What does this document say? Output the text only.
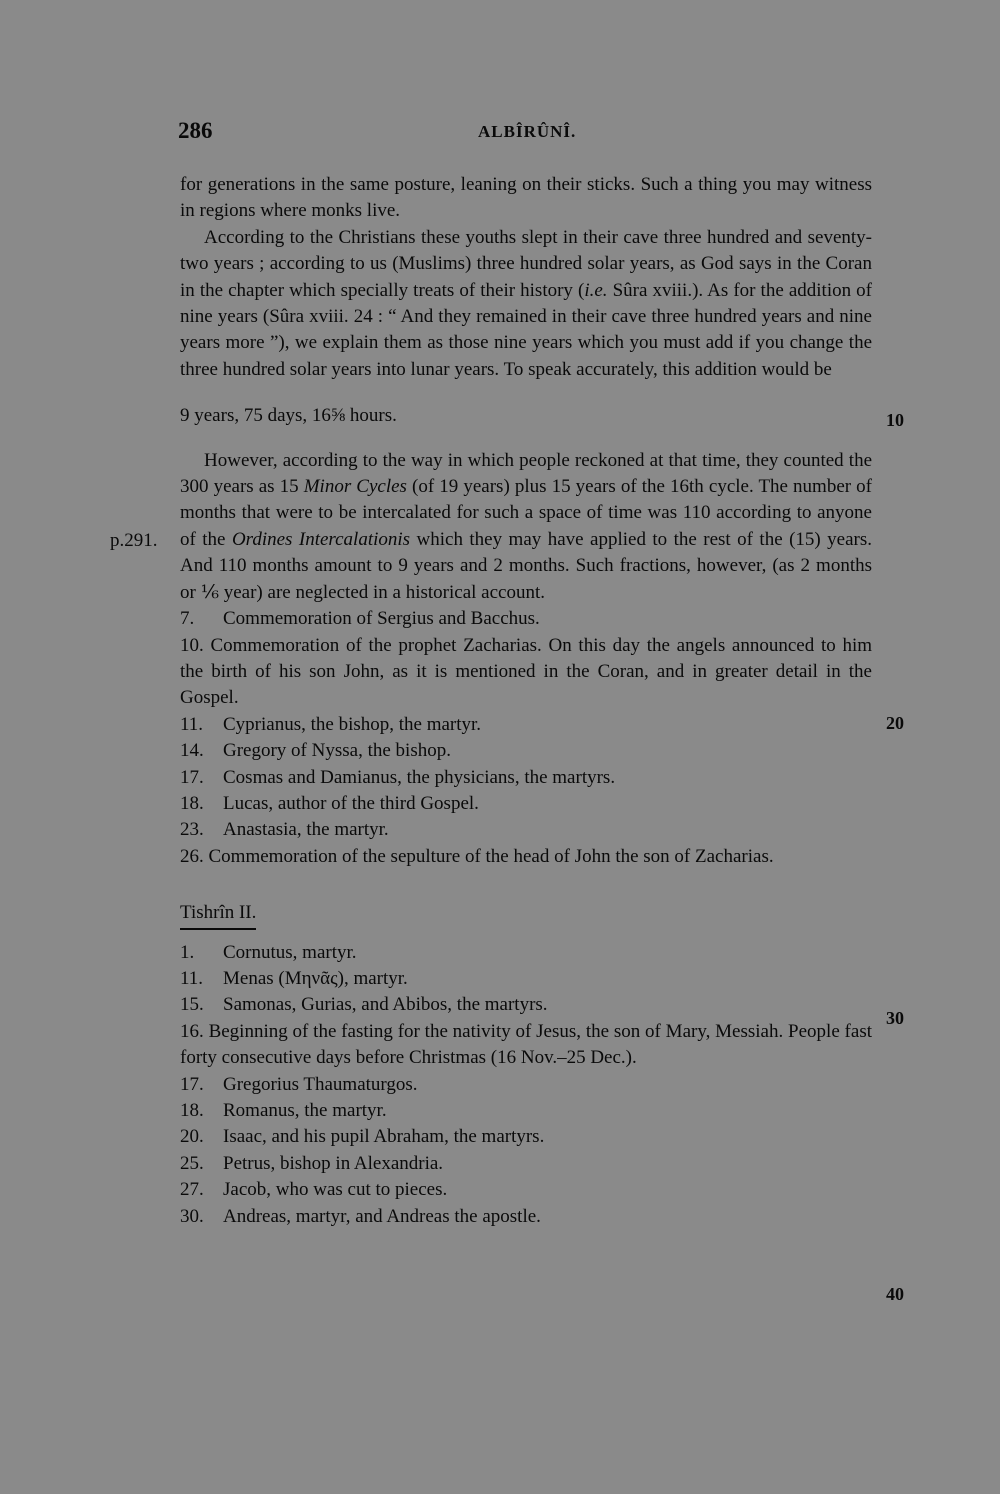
286	ALBÎRÛNÎ.

for generations in the same posture, leaning on their sticks. Such a thing you may witness in regions where monks live.

According to the Christians these youths slept in their cave three hundred and seventy-two years ; according to us (Muslims) three hundred solar years, as God says in the Coran in the chapter which specially treats of their history (i.e. Sûra xviii.). As for the addition of nine years (Sûra xviii. 24 : “ And they remained in their cave three hundred years and nine years more ”), we explain them as those nine years which you must add if you change the three hundred solar years into lunar years. To speak accurately, this addition would be

9 years, 75 days, 16⅝ hours.

However, according to the way in which people reckoned at that time, they counted the 300 years as 15 Minor Cycles (of 19 years) plus 15 years of the 16th cycle. The number of months that were to be intercalated for such a space of time was 110 according to anyone of the Ordines Intercalationis which they may have applied to the rest of the (15) years. And 110 months amount to 9 years and 2 months. Such fractions, however, (as 2 months or ⅙ year) are neglected in a historical account.

7. Commemoration of Sergius and Bacchus.

10. Commemoration of the prophet Zacharias. On this day the angels announced to him the birth of his son John, as it is mentioned in the Coran, and in greater detail in the Gospel.

11. Cyprianus, the bishop, the martyr.

14. Gregory of Nyssa, the bishop.

17. Cosmas and Damianus, the physicians, the martyrs.

18. Lucas, author of the third Gospel.

23. Anastasia, the martyr.

26. Commemoration of the sepulture of the head of John the son of Zacharias.

Tishrîn II.

1. Cornutus, martyr.

11. Menas (Μηνᾶς), martyr.

15. Samonas, Gurias, and Abibos, the martyrs.

16. Beginning of the fasting for the nativity of Jesus, the son of Mary, Messiah. People fast forty consecutive days before Christmas (16 Nov.–25 Dec.).

17. Gregorius Thaumaturgos.

18. Romanus, the martyr.

20. Isaac, and his pupil Abraham, the martyrs.

25. Petrus, bishop in Alexandria.

27. Jacob, who was cut to pieces.

30. Andreas, martyr, and Andreas the apostle.

10
20
30
40
p.291.
